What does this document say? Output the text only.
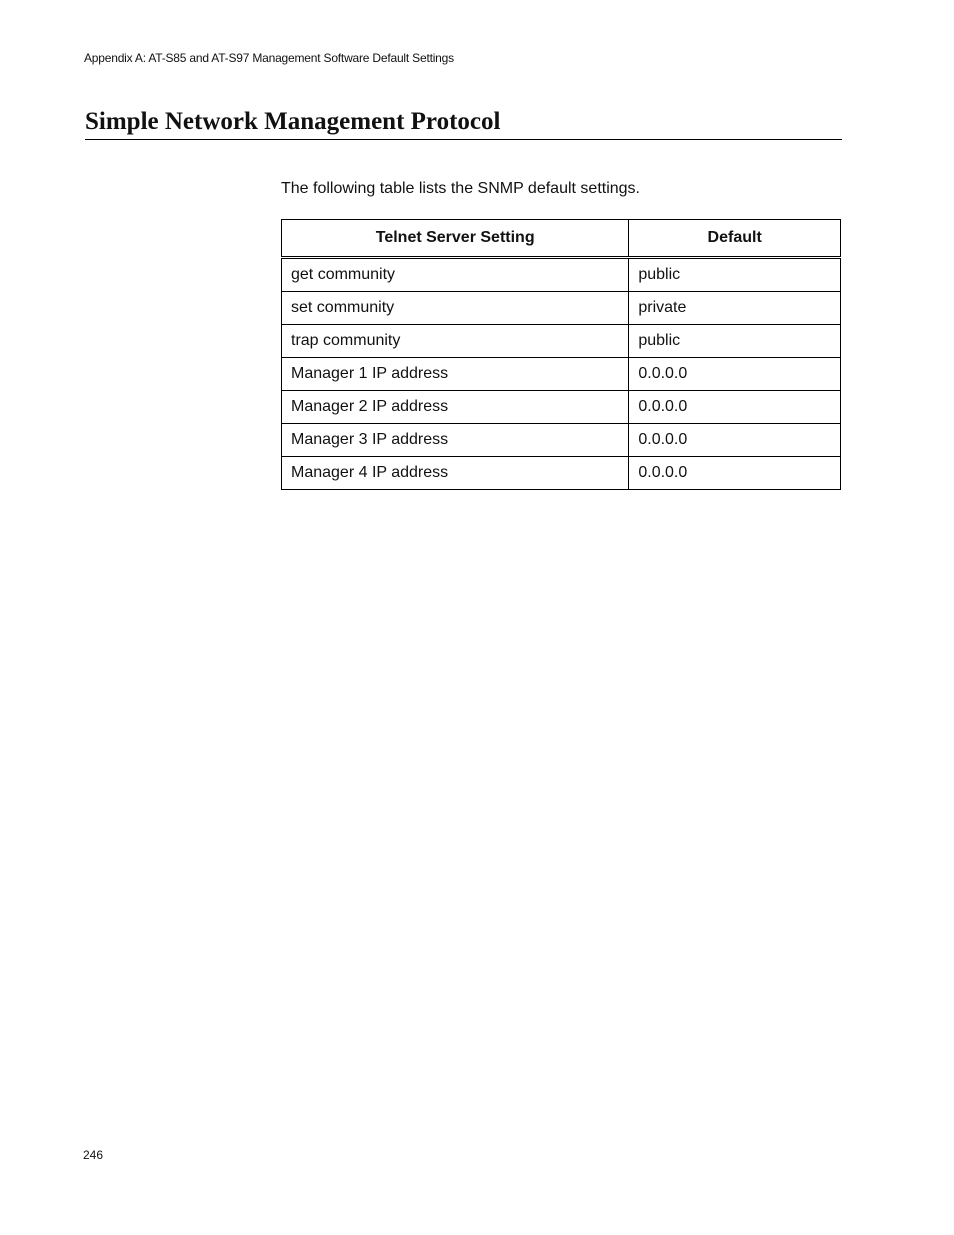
Appendix A: AT-S85 and AT-S97 Management Software Default Settings
Simple Network Management Protocol

The following table lists the SNMP default settings.

Telnet Server Setting	Default
get community	public
set community	private
trap community	public
Manager 1 IP address	0.0.0.0
Manager 2 IP address	0.0.0.0
Manager 3 IP address	0.0.0.0
Manager 4 IP address	0.0.0.0
246
